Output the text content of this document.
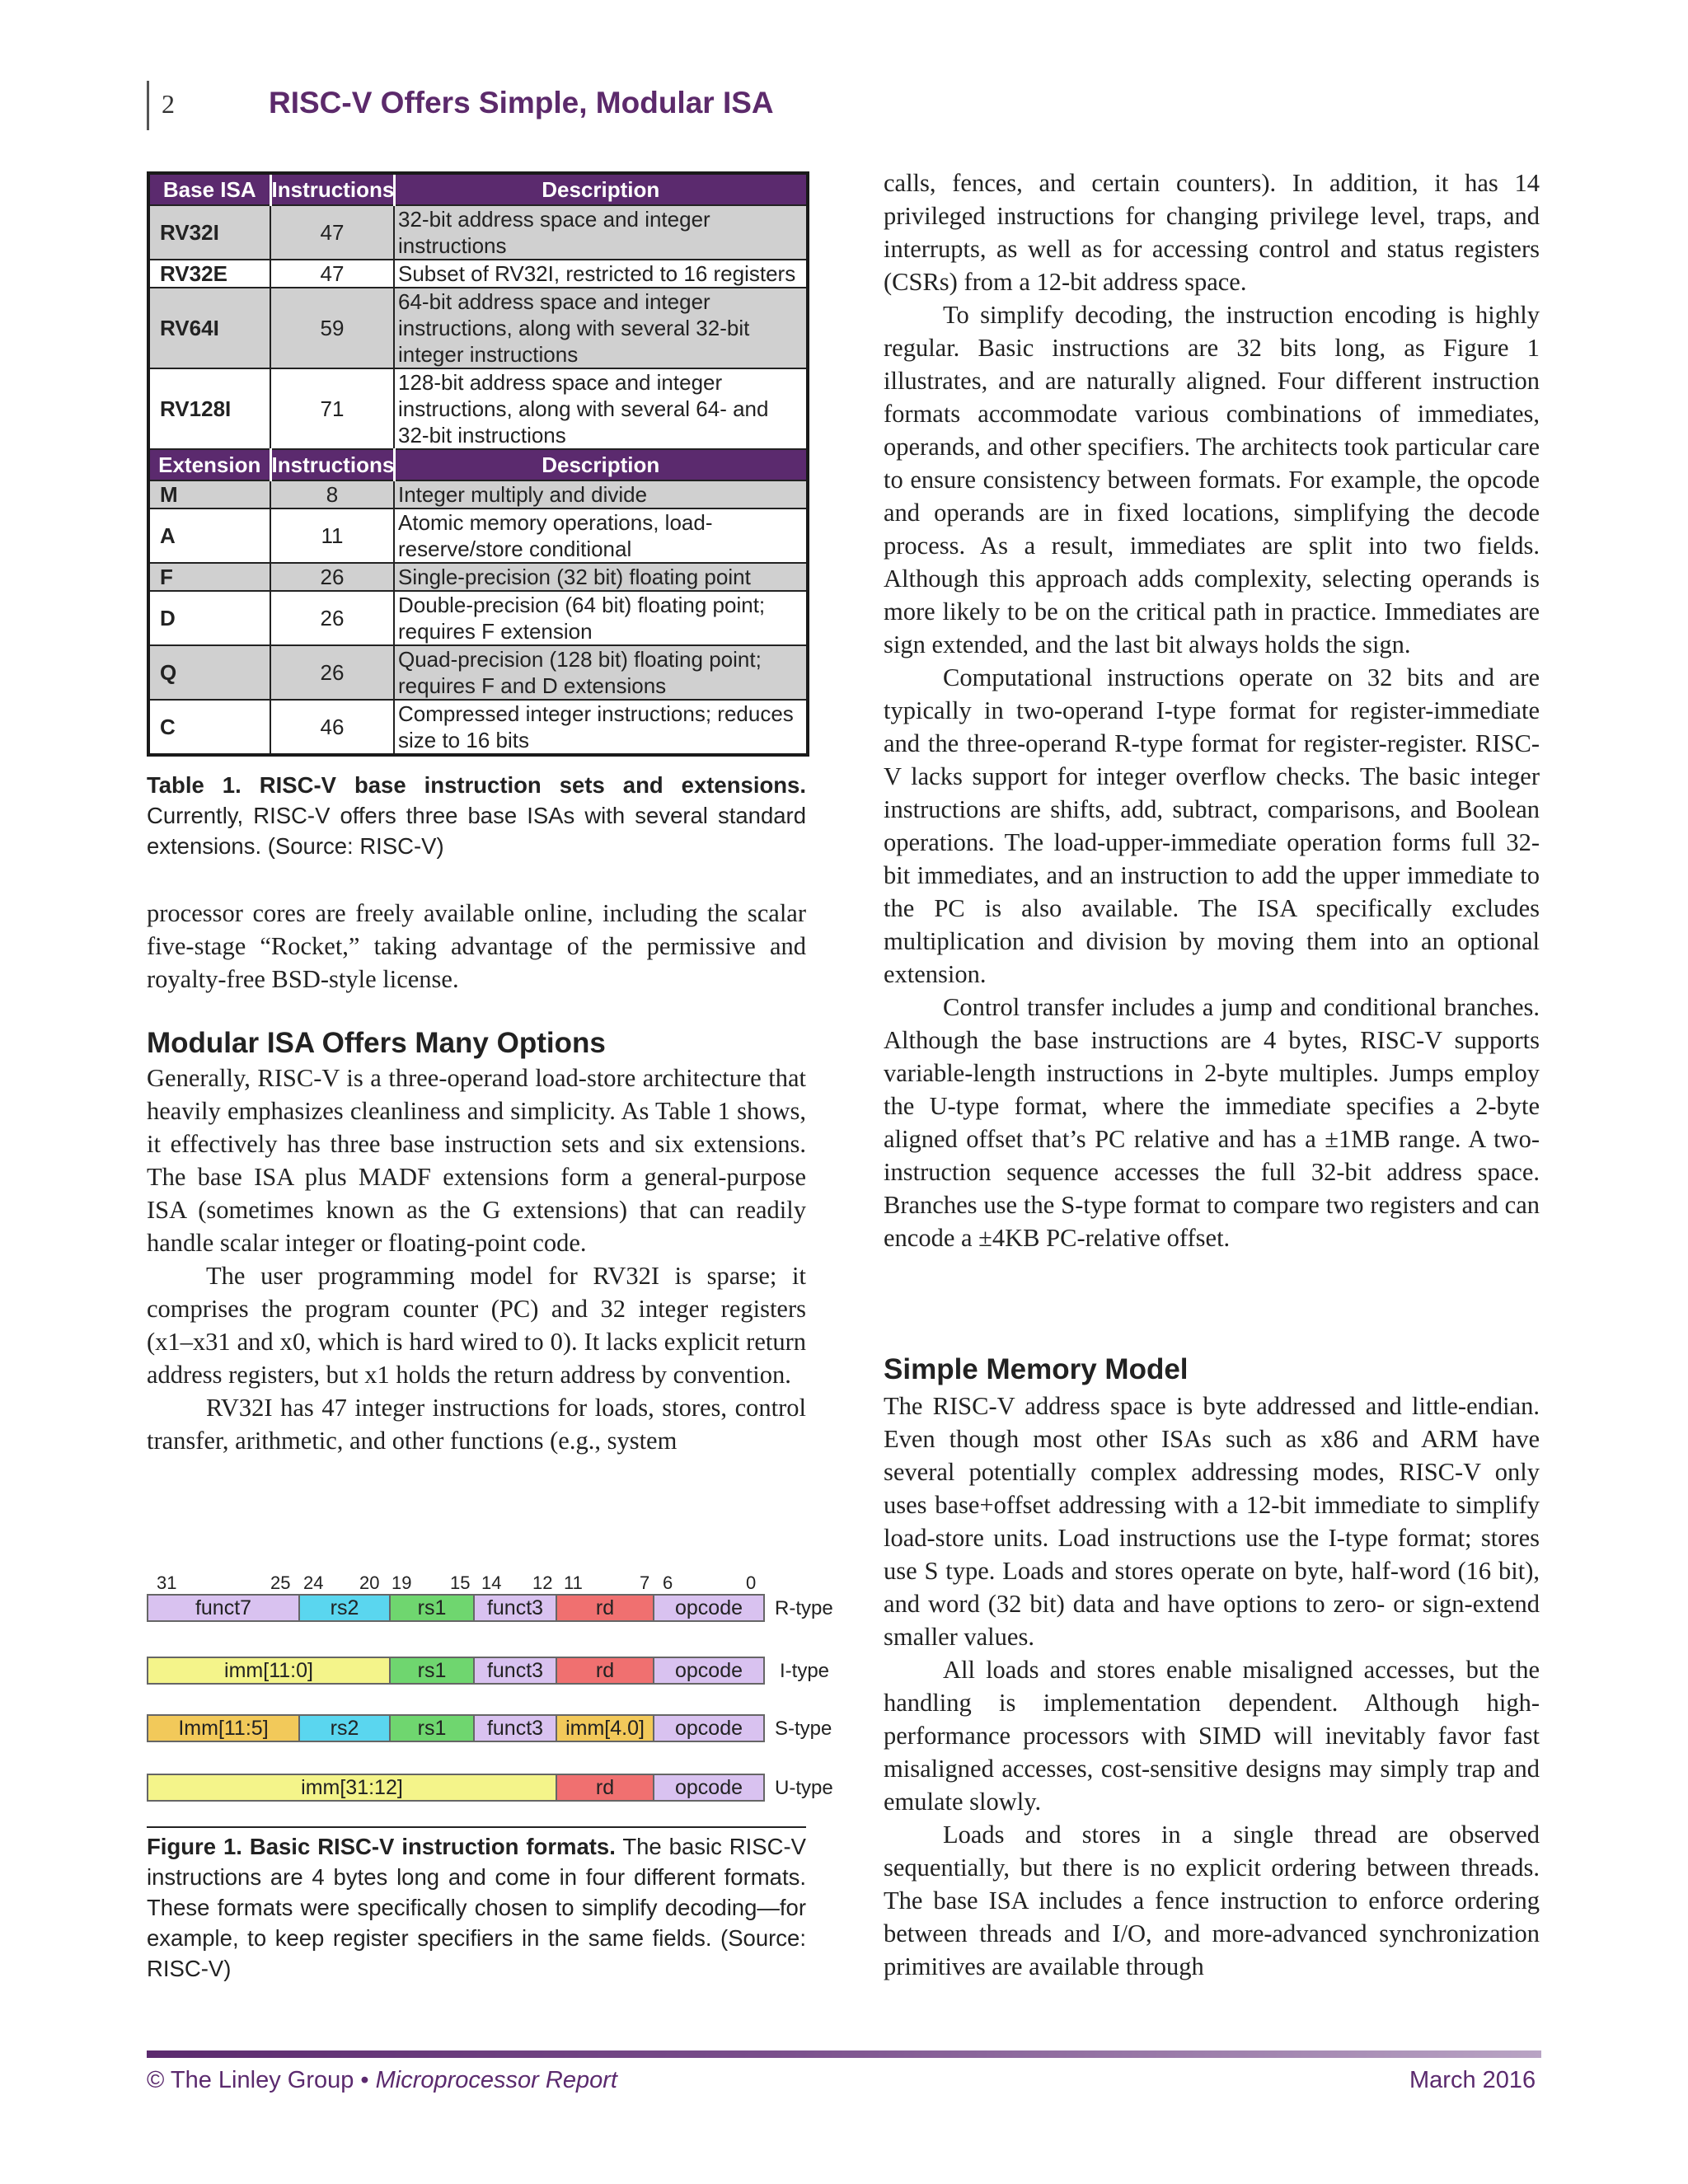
2	RISC-V Offers Simple, Modular ISA
Base ISA	Instructions	Description
RV32I	47	32-bit address space and integer instructions
RV32E	47	Subset of RV32I, restricted to 16 registers
RV64I	59	64-bit address space and integer instructions, along with several 32-bit integer instructions
RV128I	71	128-bit address space and integer instructions, along with several 64- and 32-bit instructions
Extension	Instructions	Description
M	8	Integer multiply and divide
A	11	Atomic memory operations, load-reserve/store conditional
F	26	Single-precision (32 bit) floating point
D	26	Double-precision (64 bit) floating point; requires F extension
Q	26	Quad-precision (128 bit) floating point; requires F and D extensions
C	46	Compressed integer instructions; reduces size to 16 bits
Table 1. RISC-V base instruction sets and extensions. Currently, RISC-V offers three base ISAs with several standard extensions. (Source: RISC-V)

processor cores are freely available online, including the scalar five-stage “Rocket,” taking advantage of the permissive and royalty-free BSD-style license.

Modular ISA Offers Many Options

Generally, RISC-V is a three-operand load-store architecture that heavily emphasizes cleanliness and simplicity. As Table 1 shows, it effectively has three base instruction sets and six extensions. The base ISA plus MADF extensions form a general-purpose ISA (sometimes known as the G extensions) that can readily handle scalar integer or floating-point code.

The user programming model for RV32I is sparse; it comprises the program counter (PC) and 32 integer registers (x1–x31 and x0, which is hard wired to 0). It lacks explicit return address registers, but x1 holds the return address by convention.

RV32I has 47 integer instructions for loads, stores, control transfer, arithmetic, and other functions (e.g., system

31	25 24 20 19 15 14 12 11	7 6	0
funct7	rs2	rs1	funct3	rd	opcode	R-type
imm[11:0]	rs1	funct3	rd	opcode	I-type
Imm[11:5]	rs2	rs1	funct3	imm[4.0]	opcode	S-type
imm[31:12]	rd	opcode	U-type
Figure 1. Basic RISC-V instruction formats. The basic RISC-V instructions are 4 bytes long and come in four different formats. These formats were specifically chosen to simplify decoding—for example, to keep register specifiers in the same fields. (Source: RISC-V)

calls, fences, and certain counters). In addition, it has 14 privileged instructions for changing privilege level, traps, and interrupts, as well as for accessing control and status registers (CSRs) from a 12-bit address space.

To simplify decoding, the instruction encoding is highly regular. Basic instructions are 32 bits long, as Figure 1 illustrates, and are naturally aligned. Four different instruction formats accommodate various combinations of immediates, operands, and other specifiers. The architects took particular care to ensure consistency between formats. For example, the opcode and operands are in fixed locations, simplifying the decode process. As a result, immediates are split into two fields. Although this approach adds complexity, selecting operands is more likely to be on the critical path in practice. Immediates are sign extended, and the last bit always holds the sign.

Computational instructions operate on 32 bits and are typically in two-operand I-type format for register-immediate and the three-operand R-type format for register-register. RISC-V lacks support for integer overflow checks. The basic integer instructions are shifts, add, subtract, comparisons, and Boolean operations. The load-upper-immediate operation forms full 32-bit immediates, and an instruction to add the upper immediate to the PC is also available. The ISA specifically excludes multiplication and division by moving them into an optional extension.

Control transfer includes a jump and conditional branches. Although the base instructions are 4 bytes, RISC-V supports variable-length instructions in 2-byte multiples. Jumps employ the U-type format, where the immediate specifies a 2-byte aligned offset that’s PC relative and has a ±1MB range. A two-instruction sequence accesses the full 32-bit address space. Branches use the S-type format to compare two registers and can encode a ±4KB PC-relative offset.

Simple Memory Model

The RISC-V address space is byte addressed and little-endian. Even though most other ISAs such as x86 and ARM have several potentially complex addressing modes, RISC-V only uses base+offset addressing with a 12-bit immediate to simplify load-store units. Load instructions use the I-type format; stores use S type. Loads and stores operate on byte, half-word (16 bit), and word (32 bit) data and have options to zero- or sign-extend smaller values.

All loads and stores enable misaligned accesses, but the handling is implementation dependent. Although high-performance processors with SIMD will inevitably favor fast misaligned accesses, cost-sensitive designs may simply trap and emulate slowly.

Loads and stores in a single thread are observed sequentially, but there is no explicit ordering between threads. The base ISA includes a fence instruction to enforce ordering between threads and I/O, and more-advanced synchronization primitives are available through

© The Linley Group • Microprocessor Report	March 2016
